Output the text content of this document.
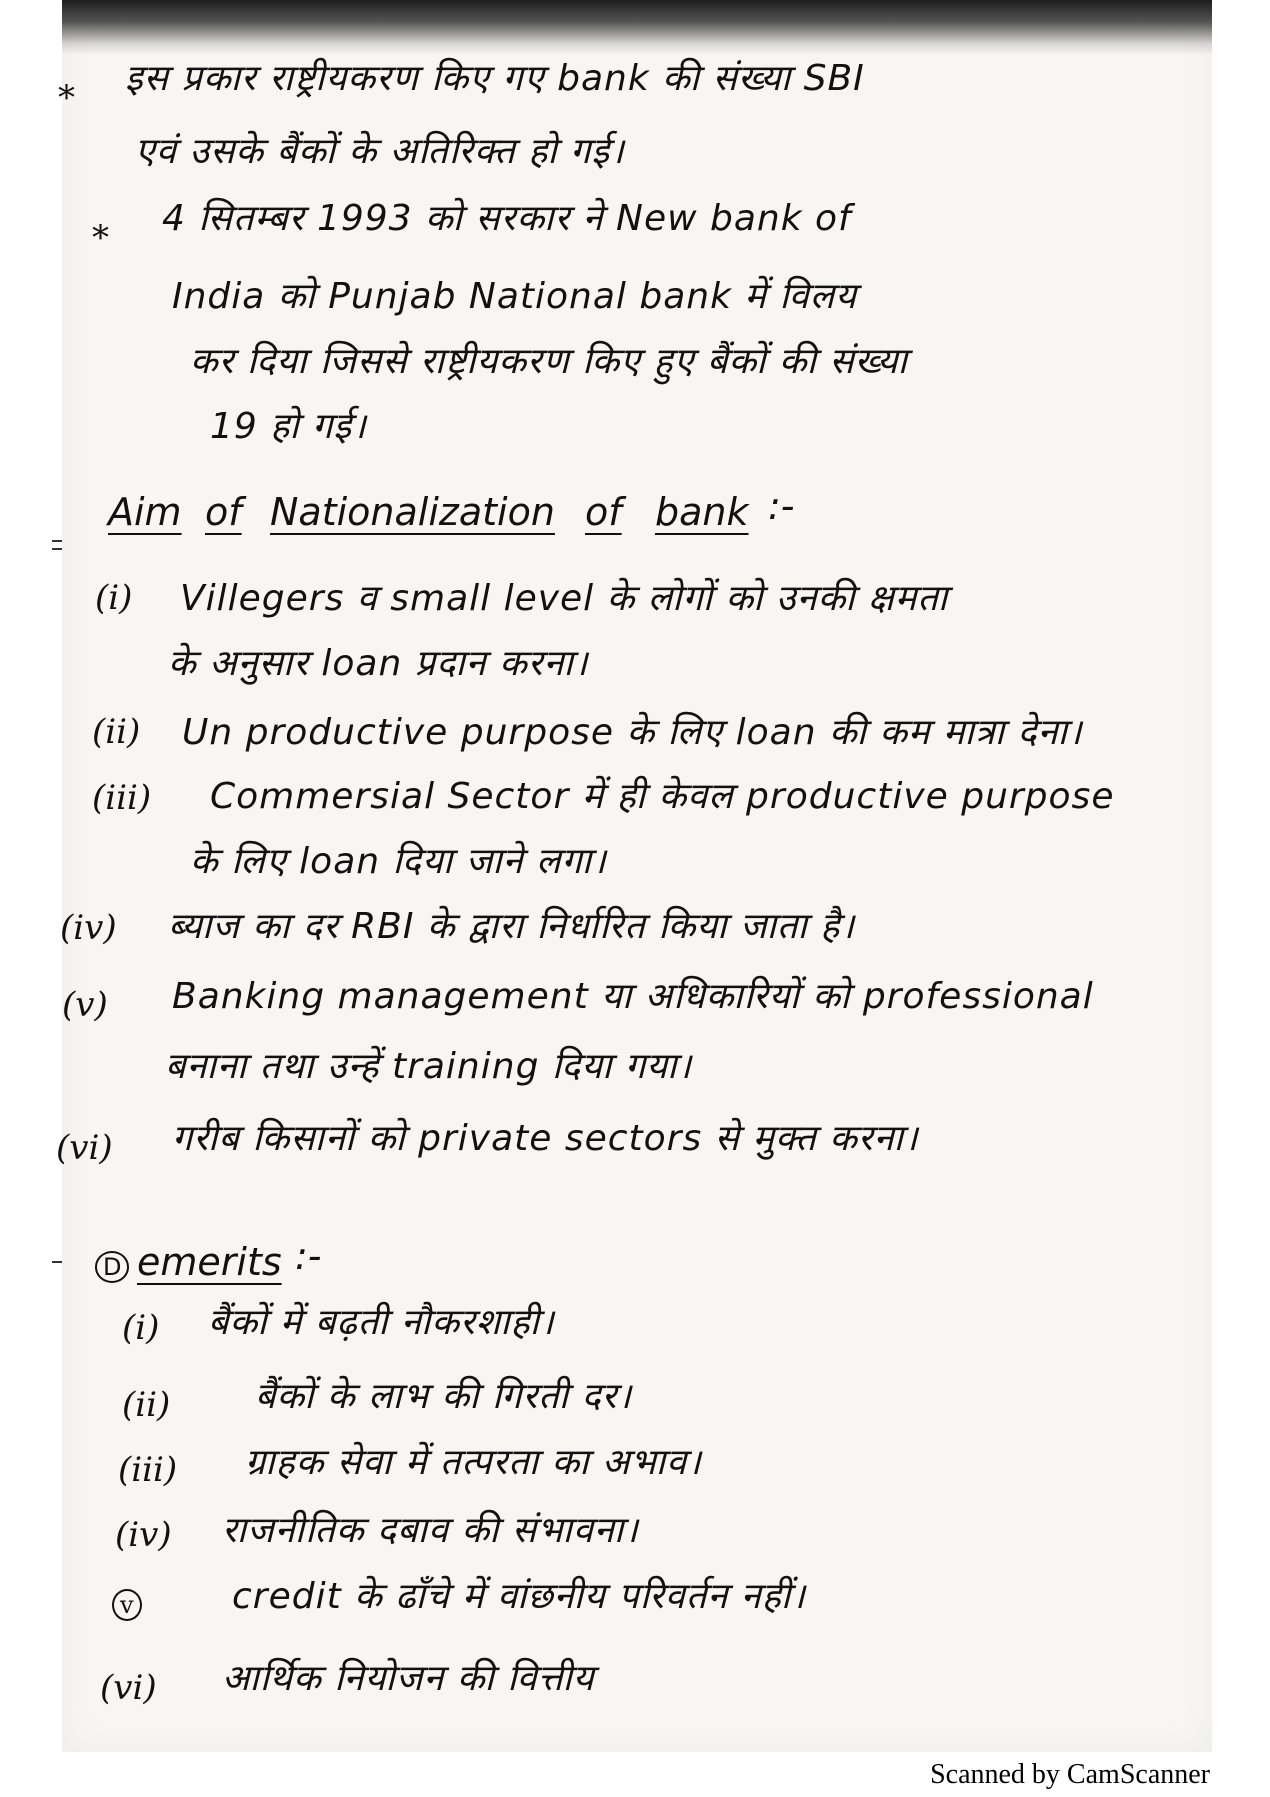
* इस प्रकार राष्ट्रीयकरण किए गए bank की संख्या SBI
एवं उसके बैंकों के अतिरिक्त हो गई।
* 4 सितम्बर 1993 को सरकार ने New bank of
India को Punjab National bank में विलय
कर दिया जिससे राष्ट्रीयकरण किए हुए बैंकों की संख्या
19 हो गई।
Aim of Nationalization of bank :-
(i) Villegers व small level के लोगों को उनकी क्षमता
के अनुसार loan प्रदान करना।
(ii) Un productive purpose के लिए loan की कम मात्रा देना।
(iii) Commersial Sector में ही केवल productive purpose
के लिए loan दिया जाने लगा।
(iv) ब्याज का दर RBI के द्वारा निर्धारित किया जाता है।
(v) Banking management या अधिकारियों को professional
बनाना तथा उन्हें training दिया गया।
(vi) गरीब किसानों को private sectors से मुक्त करना।
D emerits :-
(i) बैंकों में बढ़ती नौकरशाही।
(ii) बैंकों के लाभ की गिरती दर।
(iii) ग्राहक सेवा में तत्परता का अभाव।
(iv) राजनीतिक दबाव की संभावना।
v	credit के ढाँचे में वांछनीय परिवर्तन नहीं।
(vi) आर्थिक नियोजन की वित्तीय
Scanned by CamScanner
